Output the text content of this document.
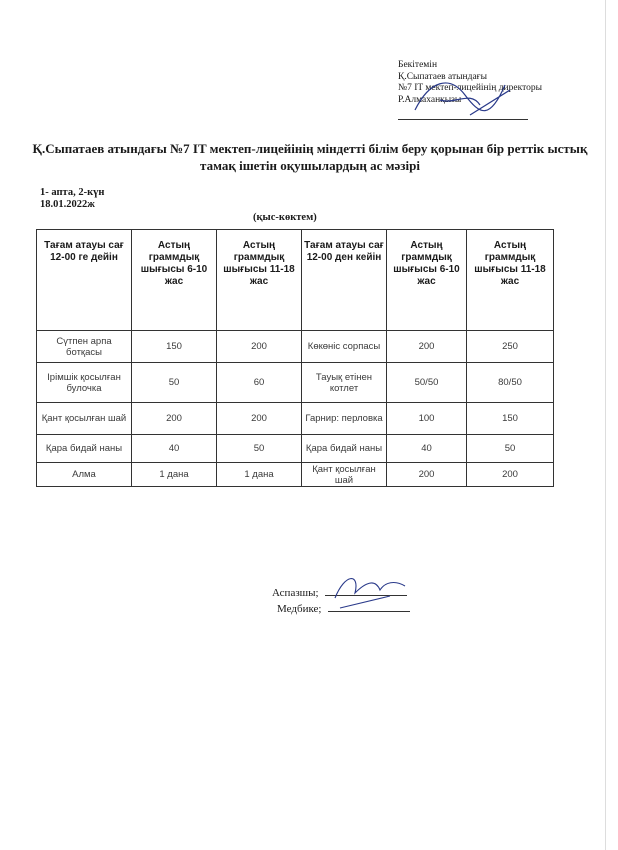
Бекітемін
Қ.Сыпатаев атындағы
№7 IT мектеп-лицейінің директоры
Р.Алмаханқызы
Қ.Сыпатаев атындағы №7 IT мектеп-лицейінің міндетті білім беру қорынан бір реттік ыстық тамақ ішетін оқушылардың ас мәзірі
1- апта, 2-күн
18.01.2022ж
(қыс-көктем)
Тағам атауы сағ 12-00 ге дейін	Астың граммдық шығысы 6-10 жас	Астың граммдық шығысы 11-18 жас	Тағам атауы сағ 12-00 ден кейін	Астың граммдық шығысы 6-10 жас	Астың граммдық шығысы 11-18 жас
Сүтпен арпа ботқасы	150	200	Көкөніс сорпасы	200	250
Ірімшік қосылған булочка	50	60	Тауық етінен котлет	50/50	80/50
Қант қосылған шай	200	200	Гарнир: перловка	100	150
Қара бидай наны	40	50	Қара бидай наны	40	50
Алма	1 дана	1 дана	Қант қосылған шай	200	200
Аспазшы;
Медбике;
